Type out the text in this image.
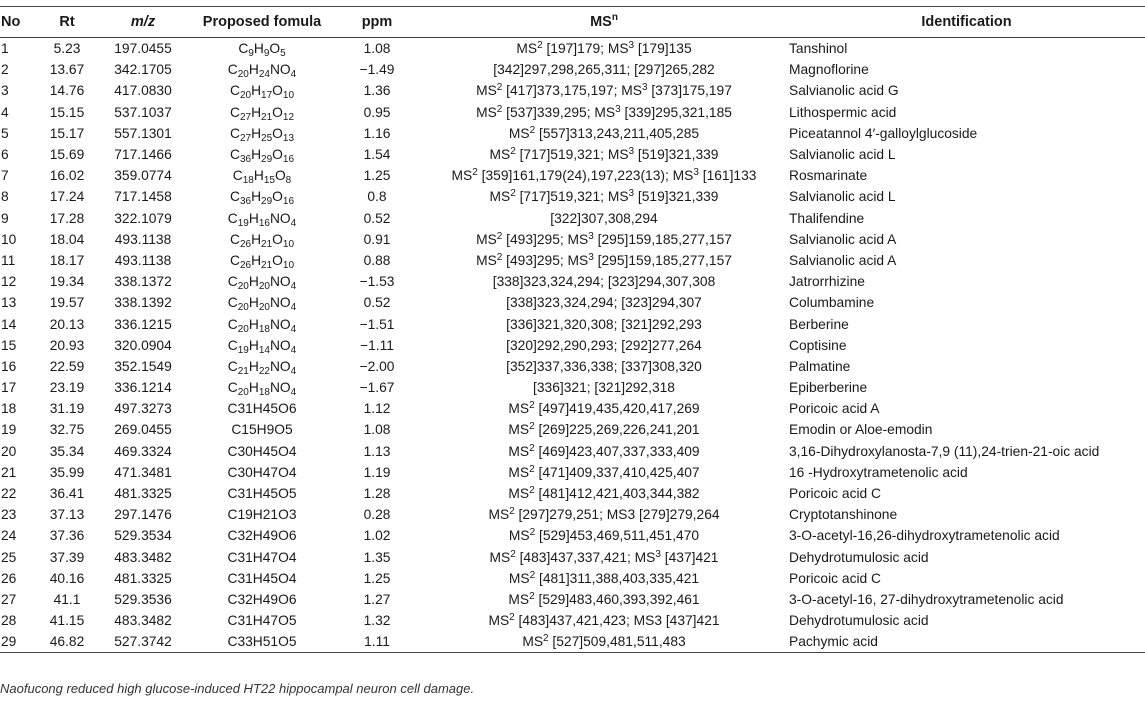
No	Rt	m/z	Proposed fomula	ppm	$MS^n$	Identification
1	5.23	197.0455	$C_9H_9O_5$	1.08	$MS^2$ [197]179; $MS^3$ [179]135	Tanshinol
2	13.67	342.1705	$C_{20}H_{24}NO_4$	−1.49	[342]297,298,265,311; [297]265,282	Magnoflorine
3	14.76	417.0830	$C_{20}H_{17}O_{10}$	1.36	$MS^2$ [417]373,175,197; $MS^3$ [373]175,197	Salvianolic acid G
4	15.15	537.1037	$C_{27}H_{21}O_{12}$	0.95	$MS^2$ [537]339,295; $MS^3$ [339]295,321,185	Lithospermic acid
5	15.17	557.1301	$C_{27}H_{25}O_{13}$	1.16	$MS^2$ [557]313,243,211,405,285	Piceatannol 4′-galloylglucoside
6	15.69	717.1466	$C_{36}H_{29}O_{16}$	1.54	$MS^2$ [717]519,321; $MS^3$ [519]321,339	Salvianolic acid L
7	16.02	359.0774	$C_{18}H_{15}O_8$	1.25	$MS^2$ [359]161,179(24),197,223(13); $MS^3$ [161]133	Rosmarinate
8	17.24	717.1458	$C_{36}H_{29}O_{16}$	0.8	$MS^2$ [717]519,321; $MS^3$ [519]321,339	Salvianolic acid L
9	17.28	322.1079	$C_{19}H_{16}NO_4$	0.52	[322]307,308,294	Thalifendine
10	18.04	493.1138	$C_{26}H_{21}O_{10}$	0.91	$MS^2$ [493]295; $MS^3$ [295]159,185,277,157	Salvianolic acid A
11	18.17	493.1138	$C_{26}H_{21}O_{10}$	0.88	$MS^2$ [493]295; $MS^3$ [295]159,185,277,157	Salvianolic acid A
12	19.34	338.1372	$C_{20}H_{20}NO_4$	−1.53	[338]323,324,294; [323]294,307,308	Jatrorrhizine
13	19.57	338.1392	$C_{20}H_{20}NO_4$	0.52	[338]323,324,294; [323]294,307	Columbamine
14	20.13	336.1215	$C_{20}H_{18}NO_4$	−1.51	[336]321,320,308; [321]292,293	Berberine
15	20.93	320.0904	$C_{19}H_{14}NO_4$	−1.11	[320]292,290,293; [292]277,264	Coptisine
16	22.59	352.1549	$C_{21}H_{22}NO_4$	−2.00	[352]337,336,338; [337]308,320	Palmatine
17	23.19	336.1214	$C_{20}H_{18}NO_4$	−1.67	[336]321; [321]292,318	Epiberberine
18	31.19	497.3273	C31H45O6	1.12	$MS^2$ [497]419,435,420,417,269	Poricoic acid A
19	32.75	269.0455	C15H9O5	1.08	$MS^2$ [269]225,269,226,241,201	Emodin or Aloe-emodin
20	35.34	469.3324	C30H45O4	1.13	$MS^2$ [469]423,407,337,333,409	3,16-Dihydroxylanosta-7,9 (11),24-trien-21-oic acid
21	35.99	471.3481	C30H47O4	1.19	$MS^2$ [471]409,337,410,425,407	16 -Hydroxytrametenolic acid
22	36.41	481.3325	C31H45O5	1.28	$MS^2$ [481]412,421,403,344,382	Poricoic acid C
23	37.13	297.1476	C19H21O3	0.28	$MS^2$ [297]279,251; MS3 [279]279,264	Cryptotanshinone
24	37.36	529.3534	C32H49O6	1.02	$MS^2$ [529]453,469,511,451,470	3-O-acetyl-16,26-dihydroxytrametenolic acid
25	37.39	483.3482	C31H47O4	1.35	$MS^2$ [483]437,337,421; $MS^3$ [437]421	Dehydrotumulosic acid
26	40.16	481.3325	C31H45O4	1.25	$MS^2$ [481]311,388,403,335,421	Poricoic acid C
27	41.1	529.3536	C32H49O6	1.27	$MS^2$ [529]483,460,393,392,461	3-O-acetyl-16, 27-dihydroxytrametenolic acid
28	41.15	483.3482	C31H47O5	1.32	$MS^2$ [483]437,421,423; MS3 [437]421	Dehydrotumulosic acid
29	46.82	527.3742	C33H51O5	1.11	$MS^2$ [527]509,481,511,483	Pachymic acid
Naofucong reduced high glucose-induced HT22 hippocampal neuron cell damage.
